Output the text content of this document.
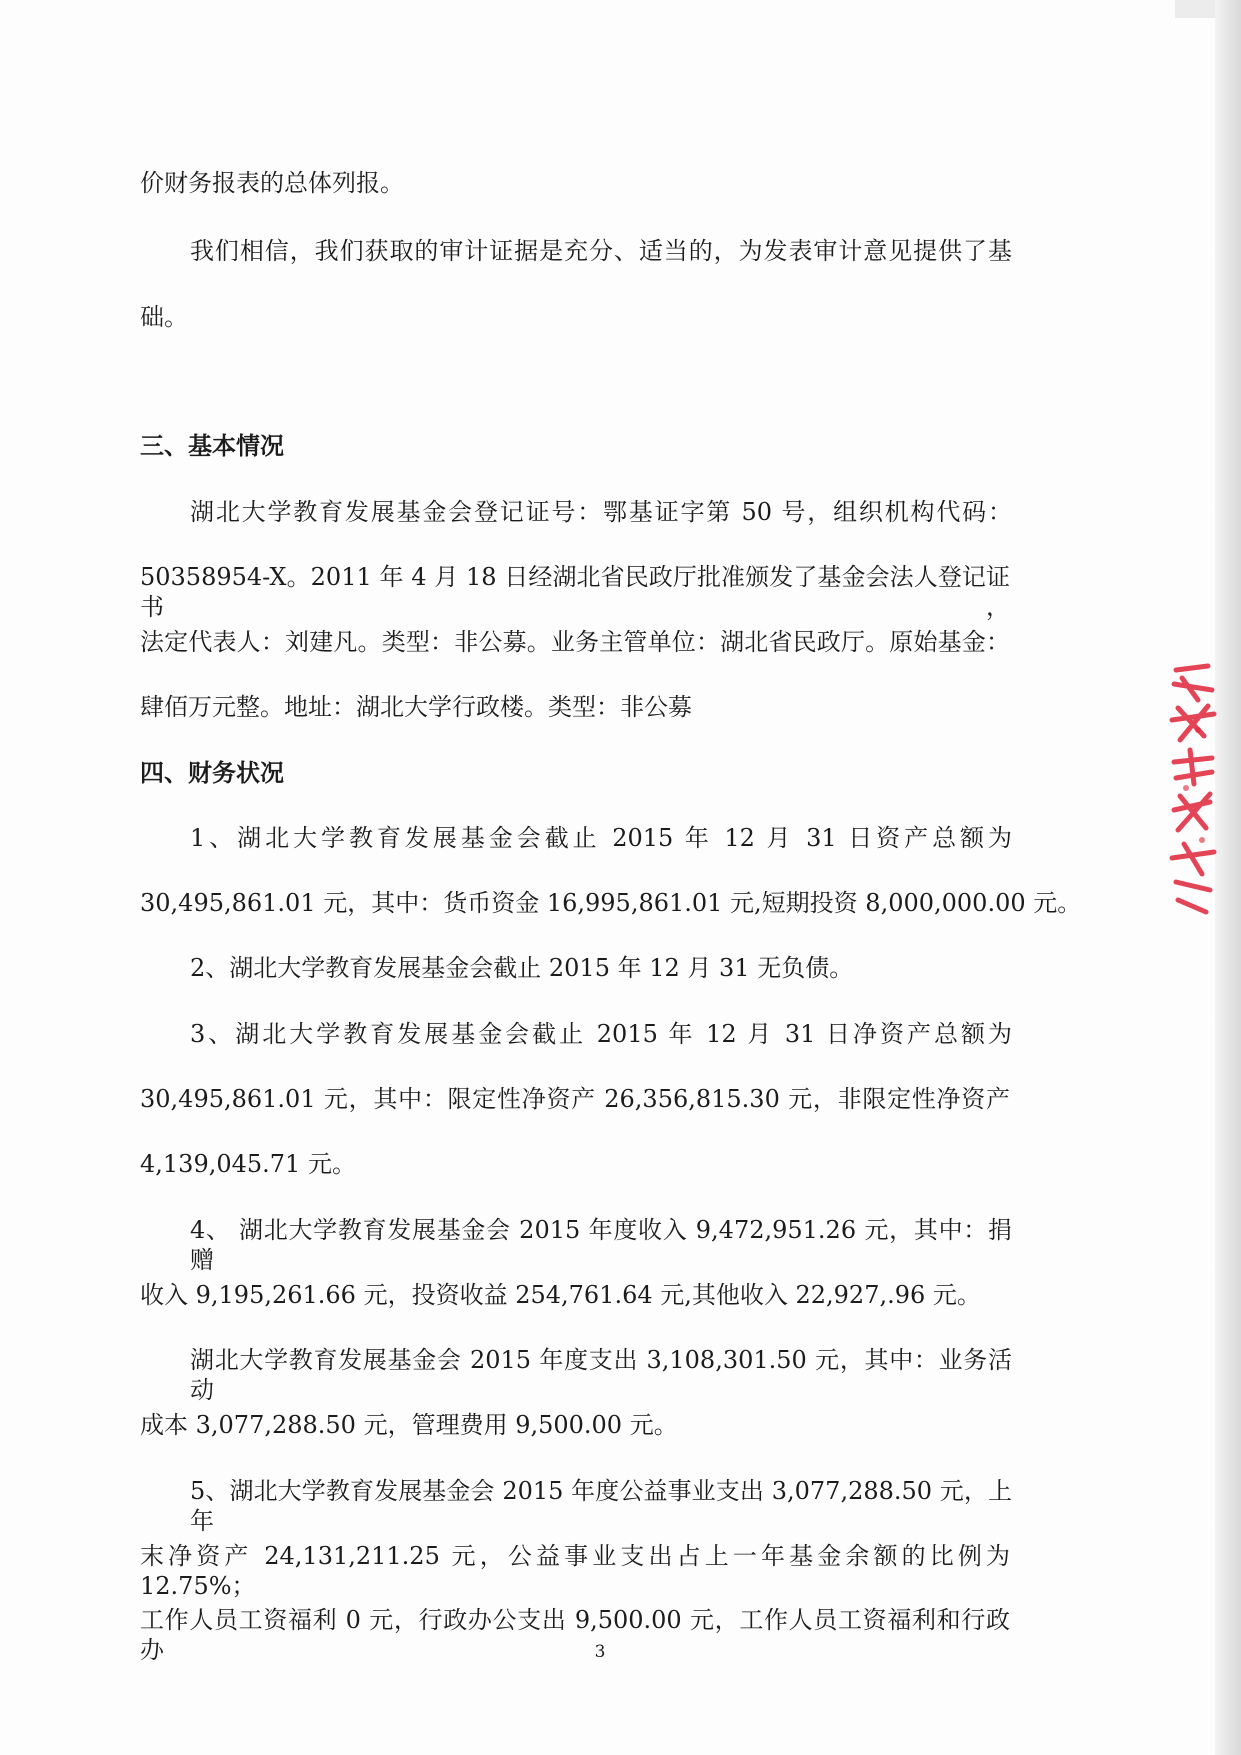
价财务报表的总体列报。
我们相信，我们获取的审计证据是充分、适当的，为发表审计意见提供了基
础。
三、基本情况
湖北大学教育发展基金会登记证号：鄂基证字第 50 号，组织机构代码：
50358954-X。2011 年 4 月 18 日经湖北省民政厅批准颁发了基金会法人登记证书，
法定代表人：刘建凡。类型：非公募。业务主管单位：湖北省民政厅。原始基金：
肆佰万元整。地址：湖北大学行政楼。类型：非公募
四、财务状况
1、湖北大学教育发展基金会截止 2015 年 12 月 31 日资产总额为
30,495,861.01 元，其中：货币资金 16,995,861.01 元,短期投资 8,000,000.00 元。
2、湖北大学教育发展基金会截止 2015 年 12 月 31 无负债。
3、湖北大学教育发展基金会截止 2015 年 12 月 31 日净资产总额为
30,495,861.01 元，其中：限定性净资产 26,356,815.30 元，非限定性净资产
4,139,045.71 元。
4、 湖北大学教育发展基金会 2015 年度收入 9,472,951.26 元，其中：捐赠
收入 9,195,261.66 元，投资收益 254,761.64 元,其他收入 22,927,.96 元。
湖北大学教育发展基金会 2015 年度支出 3,108,301.50 元，其中：业务活动
成本 3,077,288.50 元，管理费用 9,500.00 元。
5、湖北大学教育发展基金会 2015 年度公益事业支出 3,077,288.50 元，上年
末净资产 24,131,211.25 元，公益事业支出占上一年基金余额的比例为 12.75%；
工作人员工资福利 0 元，行政办公支出 9,500.00 元，工作人员工资福利和行政办	3
